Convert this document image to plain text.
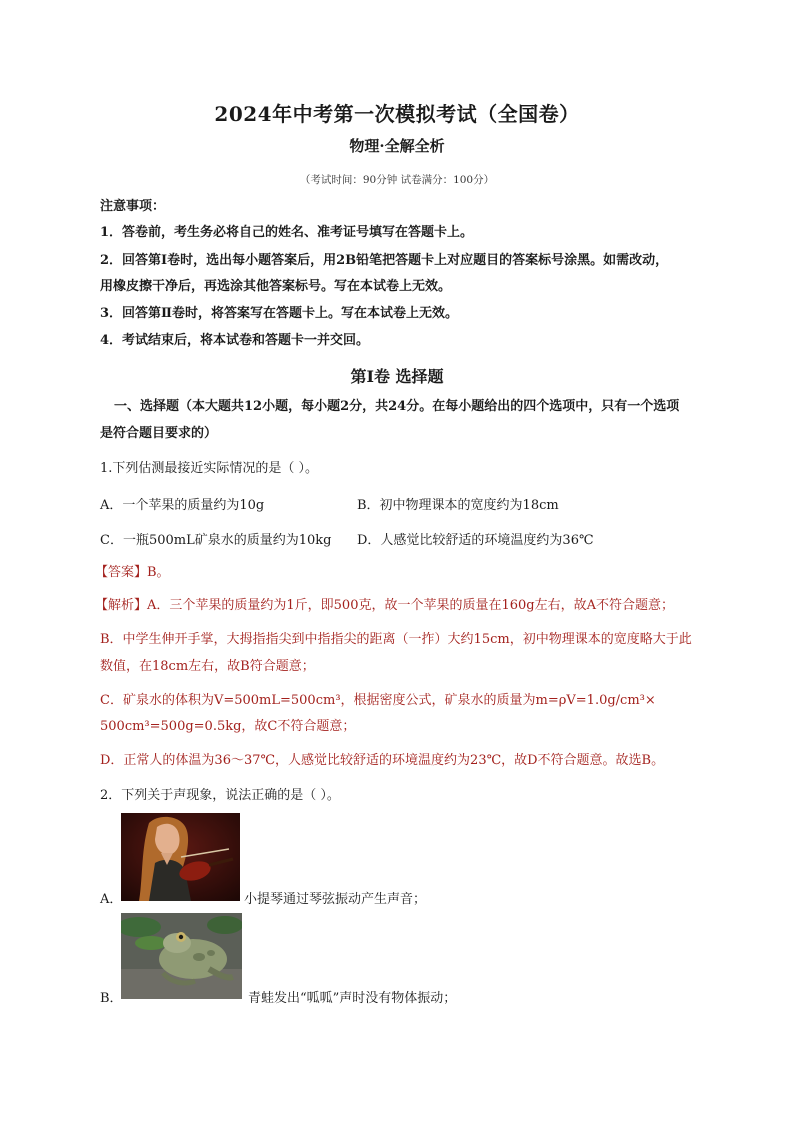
2024年中考第一次模拟考试（全国卷）
物理·全解全析
（考试时间：90分钟 试卷满分：100分）
注意事项：
1．答卷前，考生务必将自己的姓名、准考证号填写在答题卡上。
2．回答第Ⅰ卷时，选出每小题答案后，用2B铅笔把答题卡上对应题目的答案标号涂黑。如需改动，
用橡皮擦干净后，再选涂其他答案标号。写在本试卷上无效。
3．回答第Ⅱ卷时，将答案写在答题卡上。写在本试卷上无效。
4．考试结束后，将本试卷和答题卡一并交回。
第Ⅰ卷 选择题
一、选择题（本大题共12小题，每小题2分，共24分。在每小题给出的四个选项中，只有一个选项
是符合题目要求的）
1.下列估测最接近实际情况的是（ ）。
A．一个苹果的质量约为10g	B．初中物理课本的宽度约为18cm
C．一瓶500mL矿泉水的质量约为10kg D．人感觉比较舒适的环境温度约为36℃
【答案】B。
【解析】A．三个苹果的质量约为1斤，即500克，故一个苹果的质量在160g左右，故A不符合题意；
B．中学生伸开手掌，大拇指指尖到中指指尖的距离（一拃）大约15cm，初中物理课本的宽度略大于此
数值，在18cm左右，故B符合题意；
C．矿泉水的体积为V=500mL=500cm³，根据密度公式，矿泉水的质量为m=ρV=1.0g/cm³×
500cm³=500g=0.5kg，故C不符合题意；
D．正常人的体温为36～37℃，人感觉比较舒适的环境温度约为23℃，故D不符合题意。故选B。
2．下列关于声现象，说法正确的是（ ）。
A．	小提琴通过琴弦振动产生声音；
B．	青蛙发出“呱呱”声时没有物体振动；
